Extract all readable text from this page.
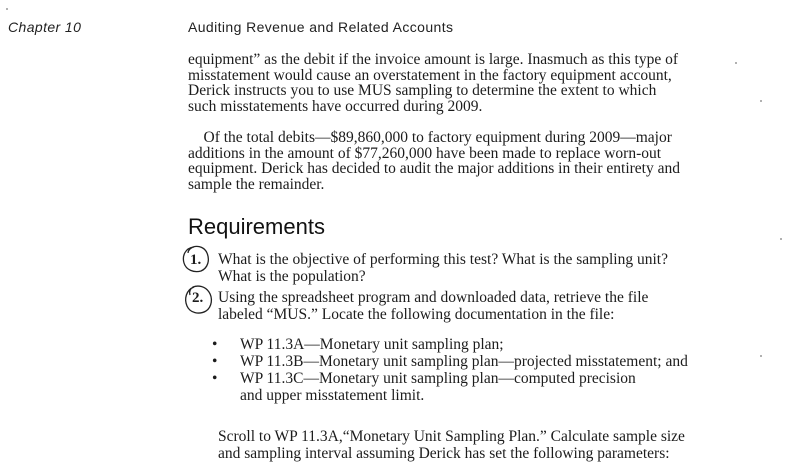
Chapter 10	Auditing Revenue and Related Accounts
equipment” as the debit if the invoice amount is large. Inasmuch as this type of
misstatement would cause an overstatement in the factory equipment account,
Derick instructs you to use MUS sampling to determine the extent to which
such misstatements have occurred during 2009.
Of the total debits—$89,860,000 to factory equipment during 2009—major
additions in the amount of $77,260,000 have been made to replace worn-out
equipment. Derick has decided to audit the major additions in their entirety and
sample the remainder.
Requirements
1.
2.
What is the objective of performing this test? What is the sampling unit?
What is the population?
Using the spreadsheet program and downloaded data, retrieve the file
labeled “MUS.” Locate the following documentation in the file:
• WP 11.3A—Monetary unit sampling plan;
• WP 11.3B—Monetary unit sampling plan—projected misstatement; and
• WP 11.3C—Monetary unit sampling plan—computed precision
and upper misstatement limit.
Scroll to WP 11.3A,“Monetary Unit Sampling Plan.” Calculate sample size
and sampling interval assuming Derick has set the following parameters:
